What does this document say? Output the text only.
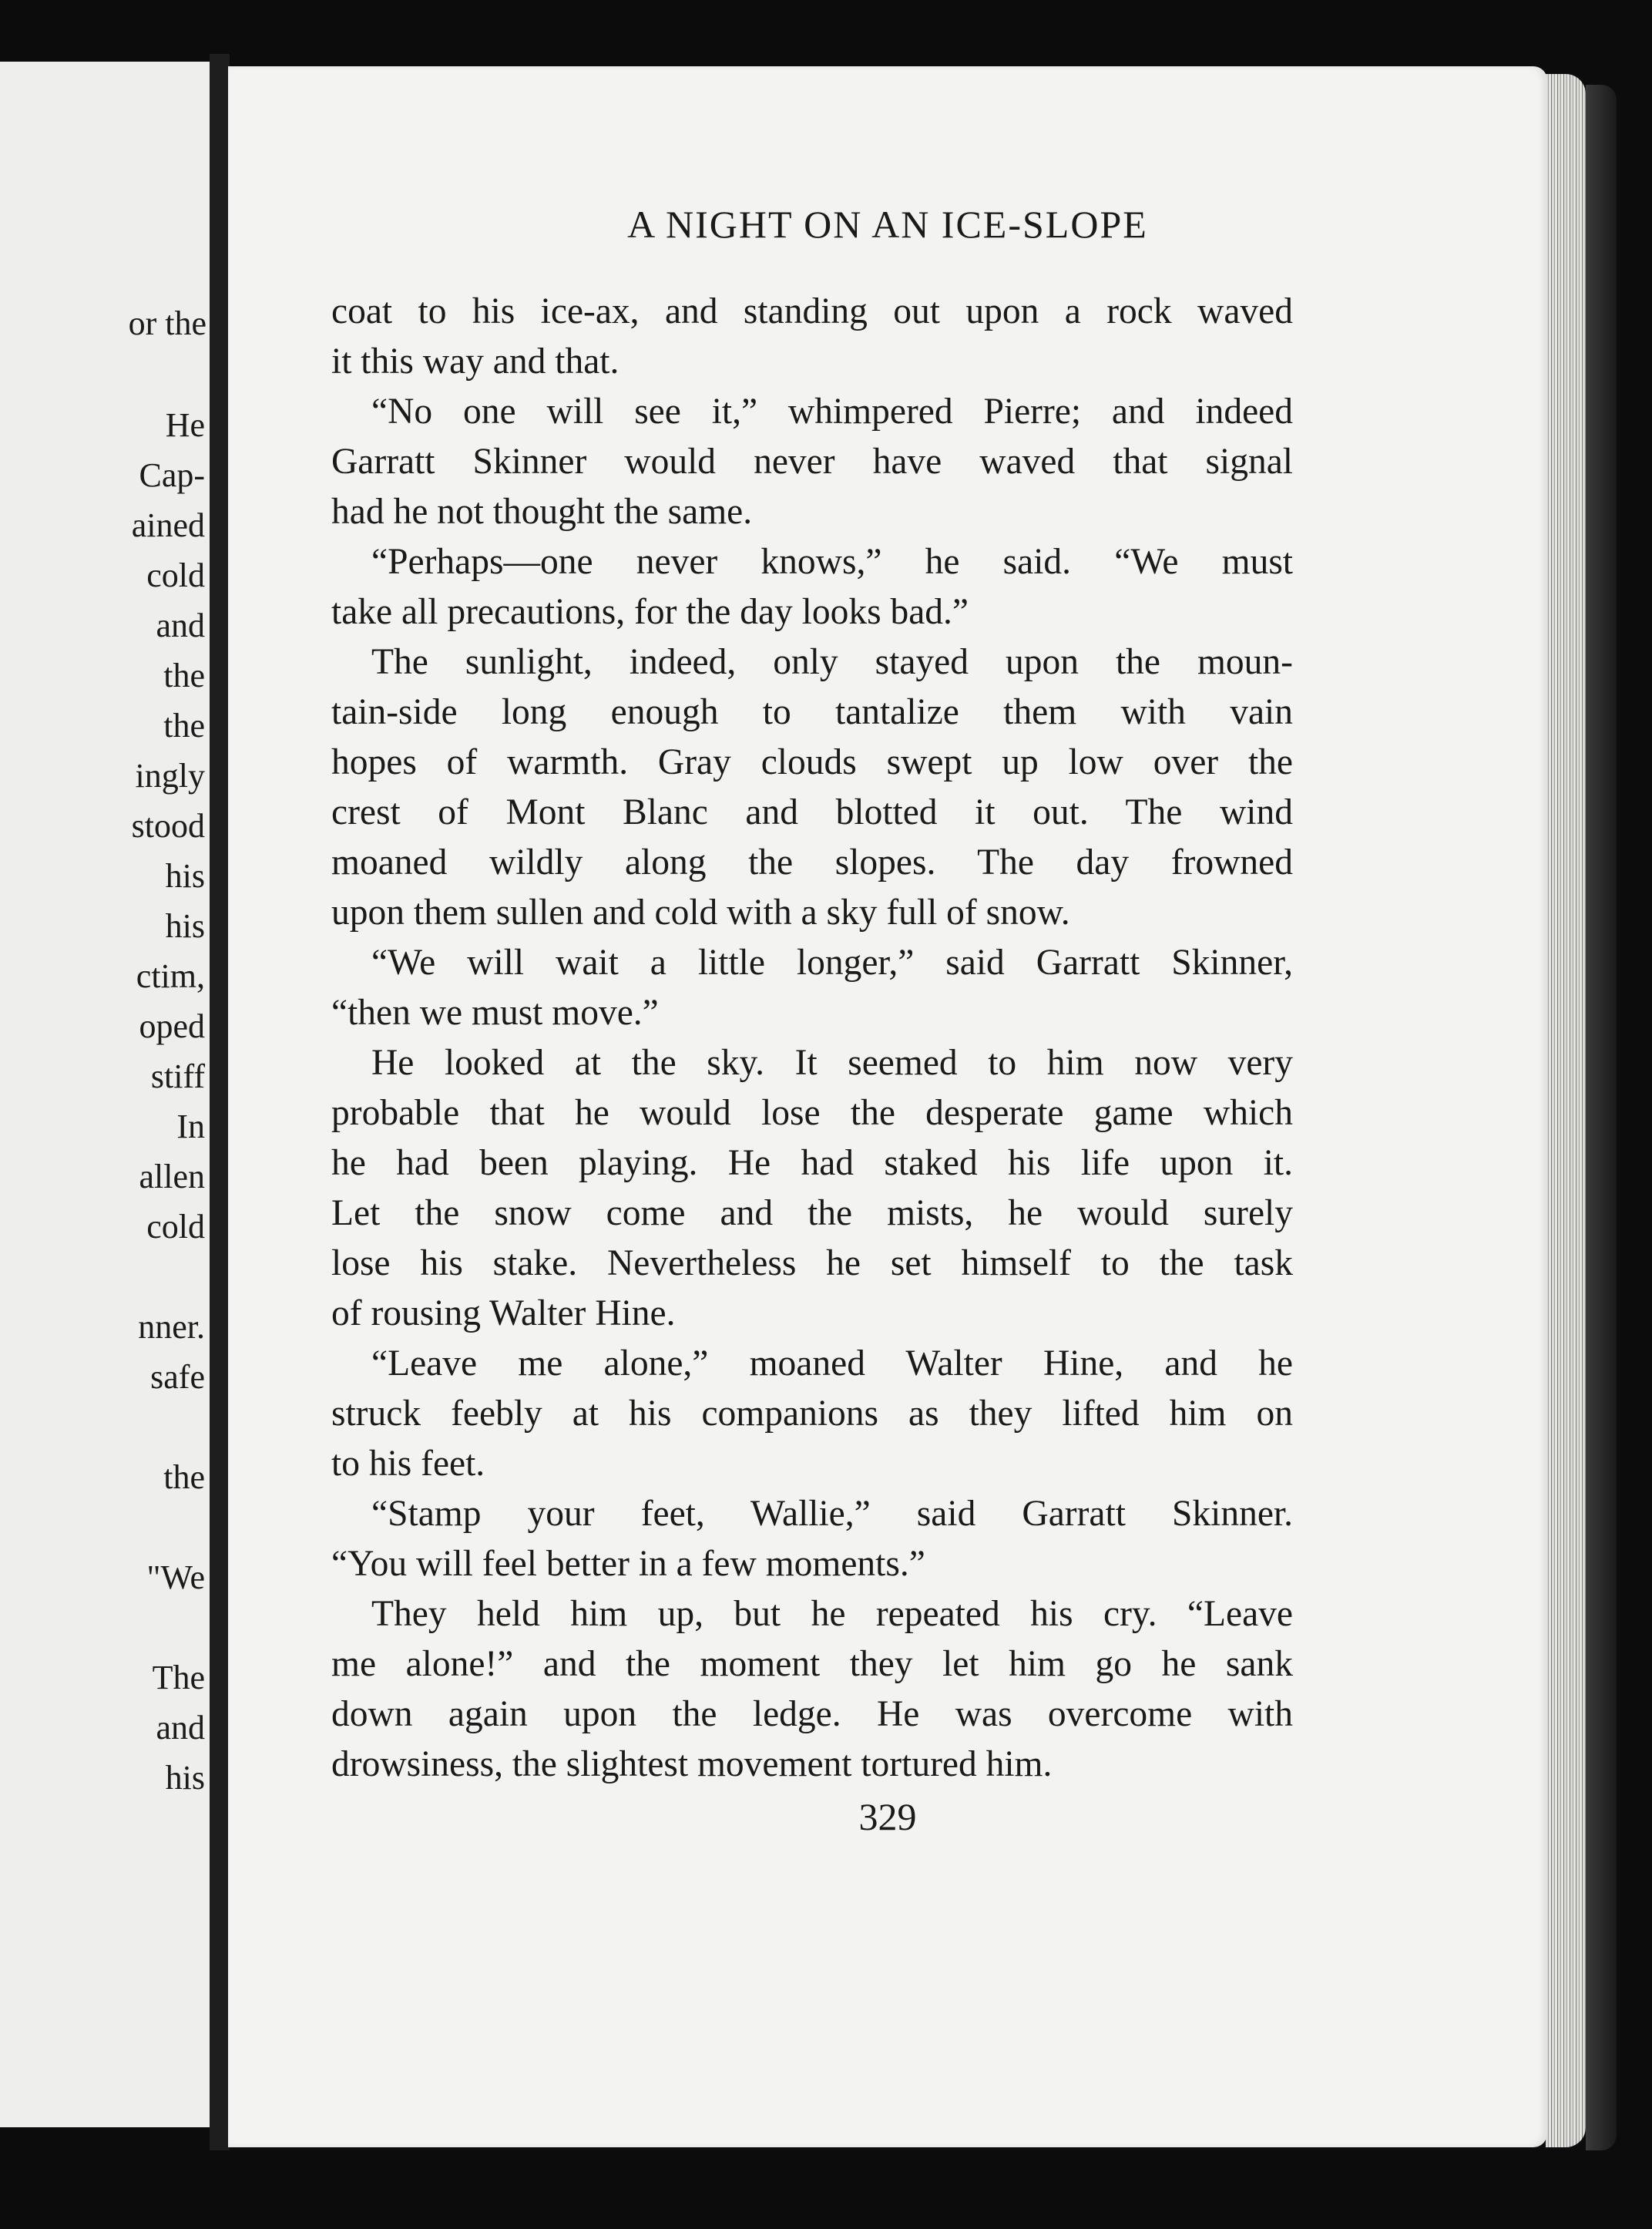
or the
He
Cap-
ained
cold
and
the
the
ingly
stood
his
his
ctim,
oped
stiff
In
allen
cold
nner.
safe
the
"We
The
and
his
A NIGHT ON AN ICE-SLOPE
coat to his ice-ax, and standing out upon a rock waved
it this way and that.
“No one will see it,” whimpered Pierre; and indeed
Garratt Skinner would never have waved that signal
had he not thought the same.
“Perhaps—one never knows,” he said. “We must
take all precautions, for the day looks bad.”
The sunlight, indeed, only stayed upon the moun-
tain-side long enough to tantalize them with vain
hopes of warmth. Gray clouds swept up low over the
crest of Mont Blanc and blotted it out. The wind
moaned wildly along the slopes. The day frowned
upon them sullen and cold with a sky full of snow.
“We will wait a little longer,” said Garratt Skinner,
“then we must move.”
He looked at the sky. It seemed to him now very
probable that he would lose the desperate game which
he had been playing. He had staked his life upon it.
Let the snow come and the mists, he would surely
lose his stake. Nevertheless he set himself to the task
of rousing Walter Hine.
“Leave me alone,” moaned Walter Hine, and he
struck feebly at his companions as they lifted him on
to his feet.
“Stamp your feet, Wallie,” said Garratt Skinner.
“You will feel better in a few moments.”
They held him up, but he repeated his cry. “Leave
me alone!” and the moment they let him go he sank
down again upon the ledge. He was overcome with
drowsiness, the slightest movement tortured him.
329
